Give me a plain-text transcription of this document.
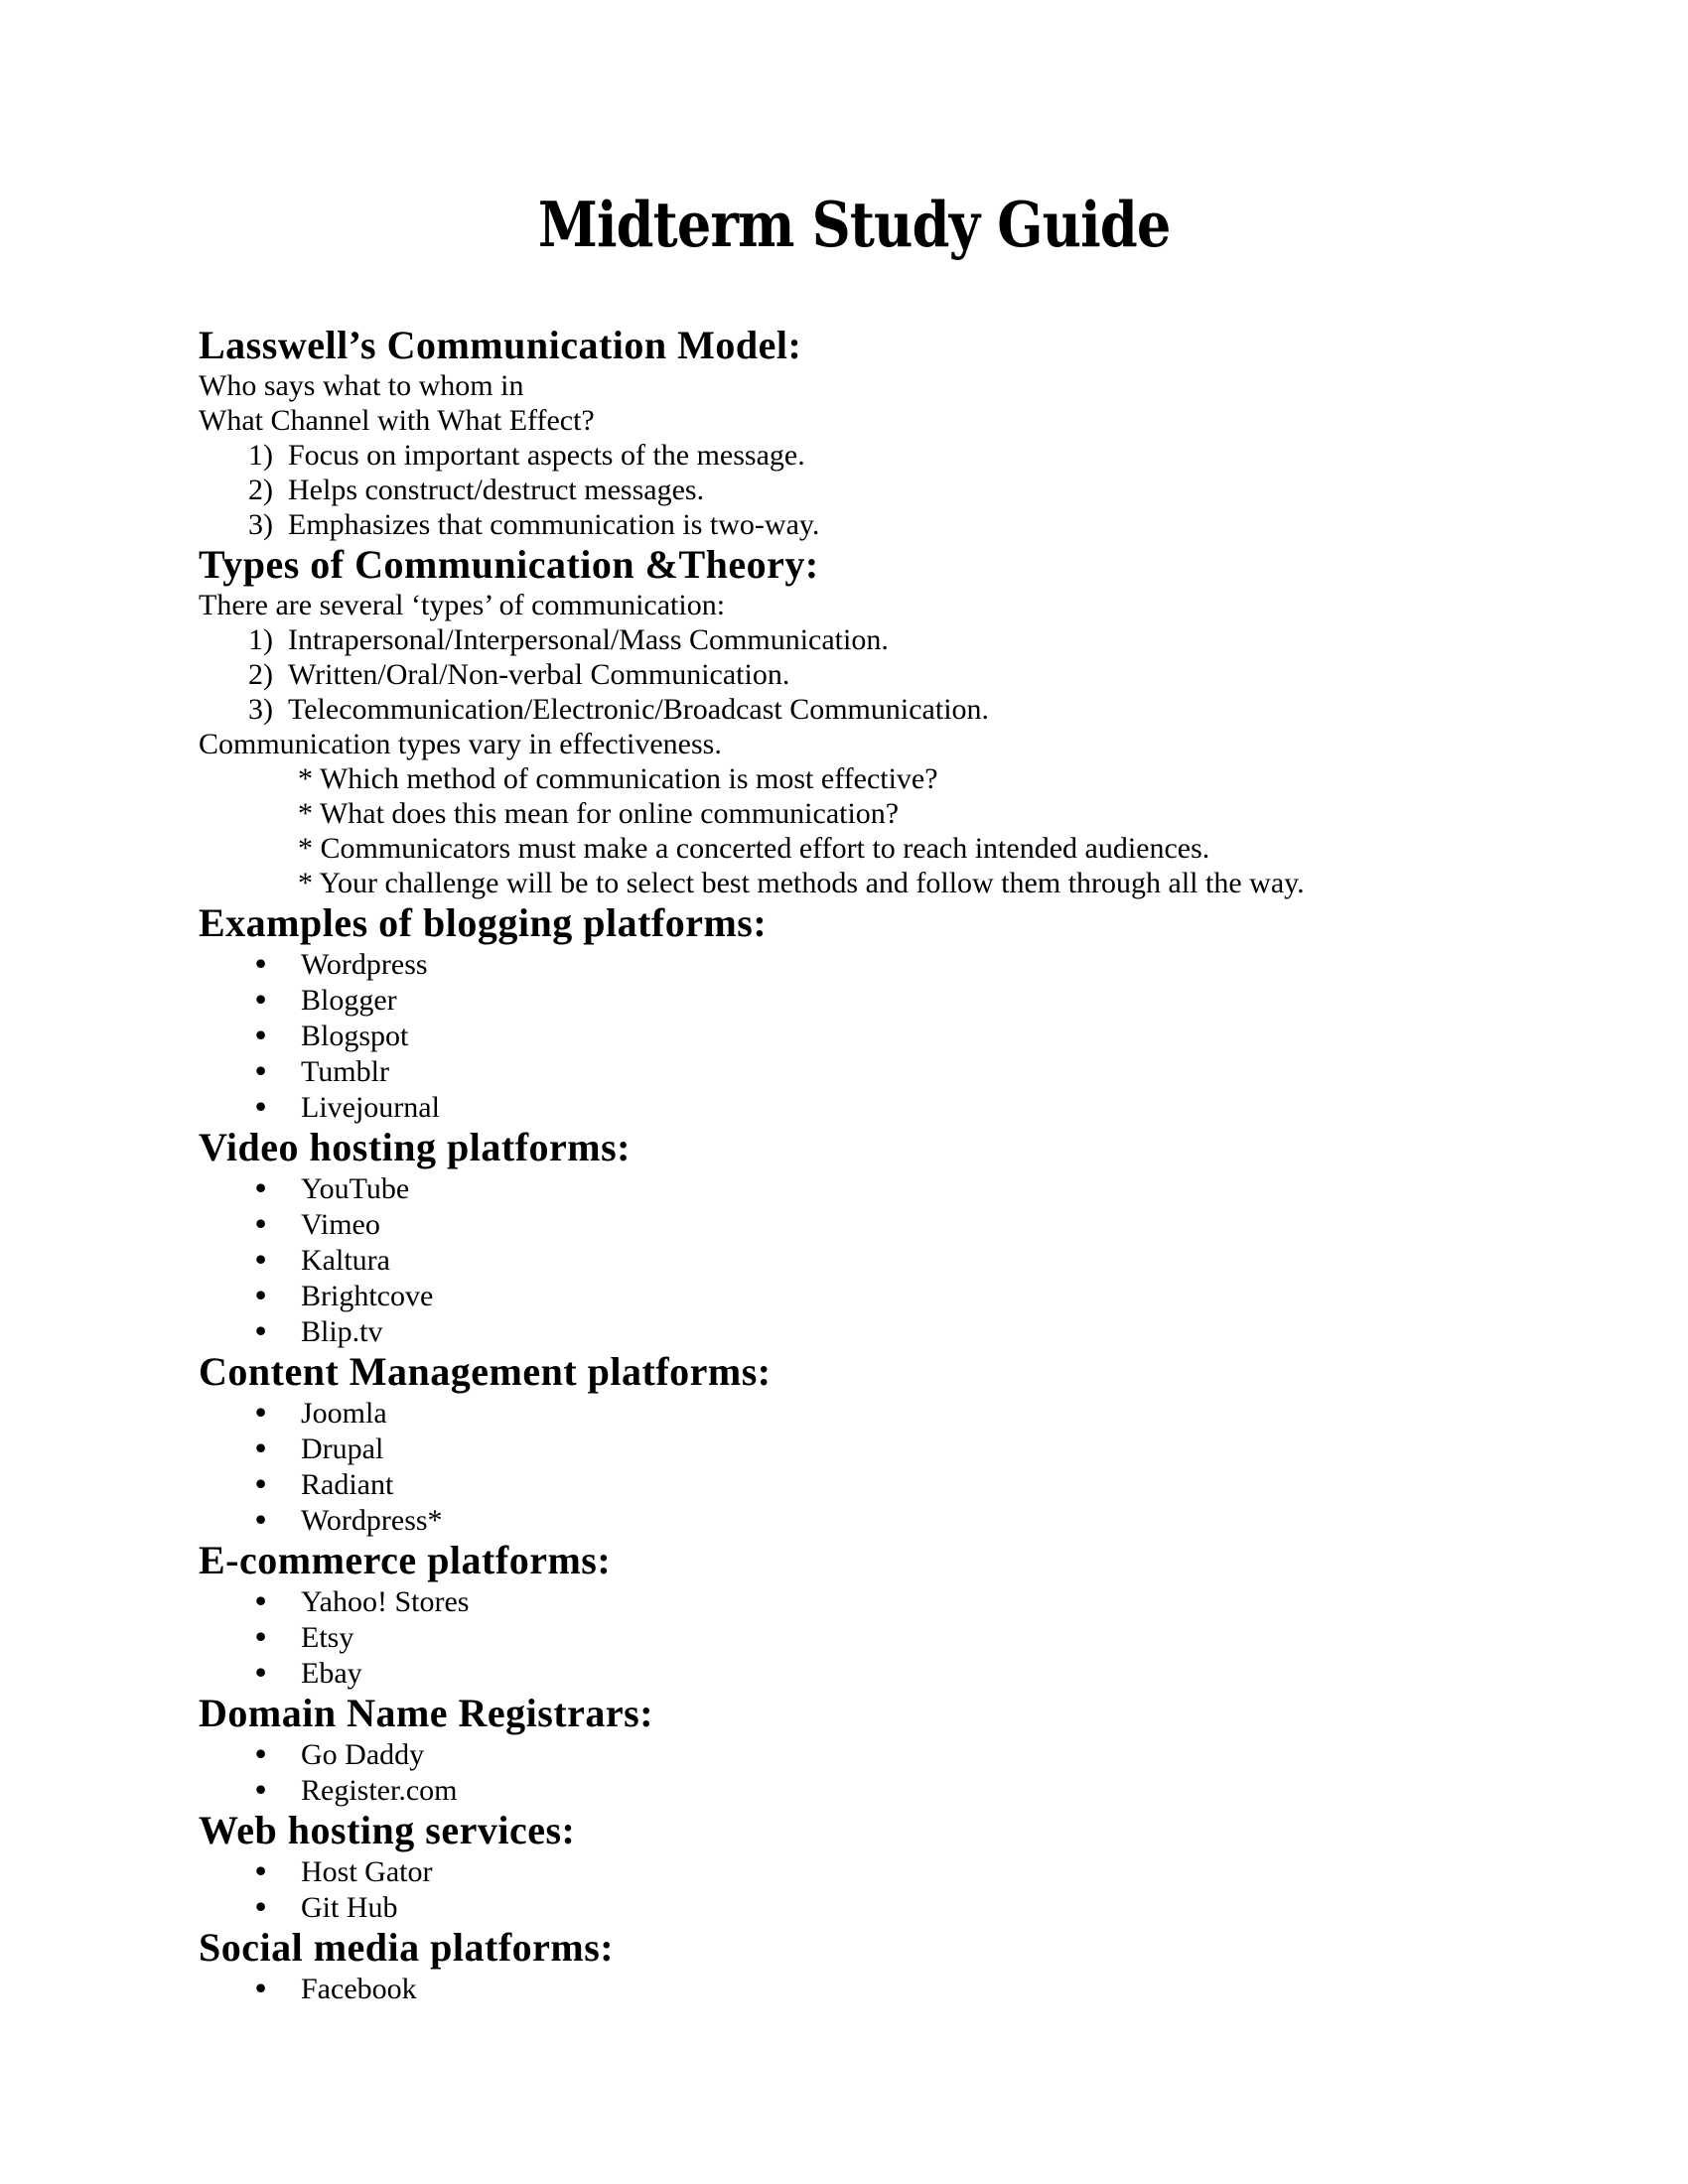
Midterm Study Guide
Lasswell’s Communication Model:

Who says what to whom in

What Channel with What Effect?

1) Focus on important aspects of the message.
2) Helps construct/destruct messages.
3) Emphasizes that communication is two-way.
Types of Communication &Theory:

There are several ‘types’ of communication:

1) Intrapersonal/Interpersonal/Mass Communication.
2) Written/Oral/Non-verbal Communication.
3) Telecommunication/Electronic/Broadcast Communication.

Communication types vary in effectiveness.

* Which method of communication is most effective?

* What does this mean for online communication?

* Communicators must make a concerted effort to reach intended audiences.

* Your challenge will be to select best methods and follow them through all the way.

Examples of blogging platforms:
• Wordpress
• Blogger
• Blogspot
• Tumblr
• Livejournal
Video hosting platforms:
• YouTube
• Vimeo
• Kaltura
• Brightcove
• Blip.tv
Content Management platforms:
• Joomla
• Drupal
• Radiant
• Wordpress*
E-commerce platforms:
• Yahoo! Stores
• Etsy
• Ebay
Domain Name Registrars:
• Go Daddy
• Register.com
Web hosting services:
• Host Gator
• Git Hub
Social media platforms:
• Facebook
